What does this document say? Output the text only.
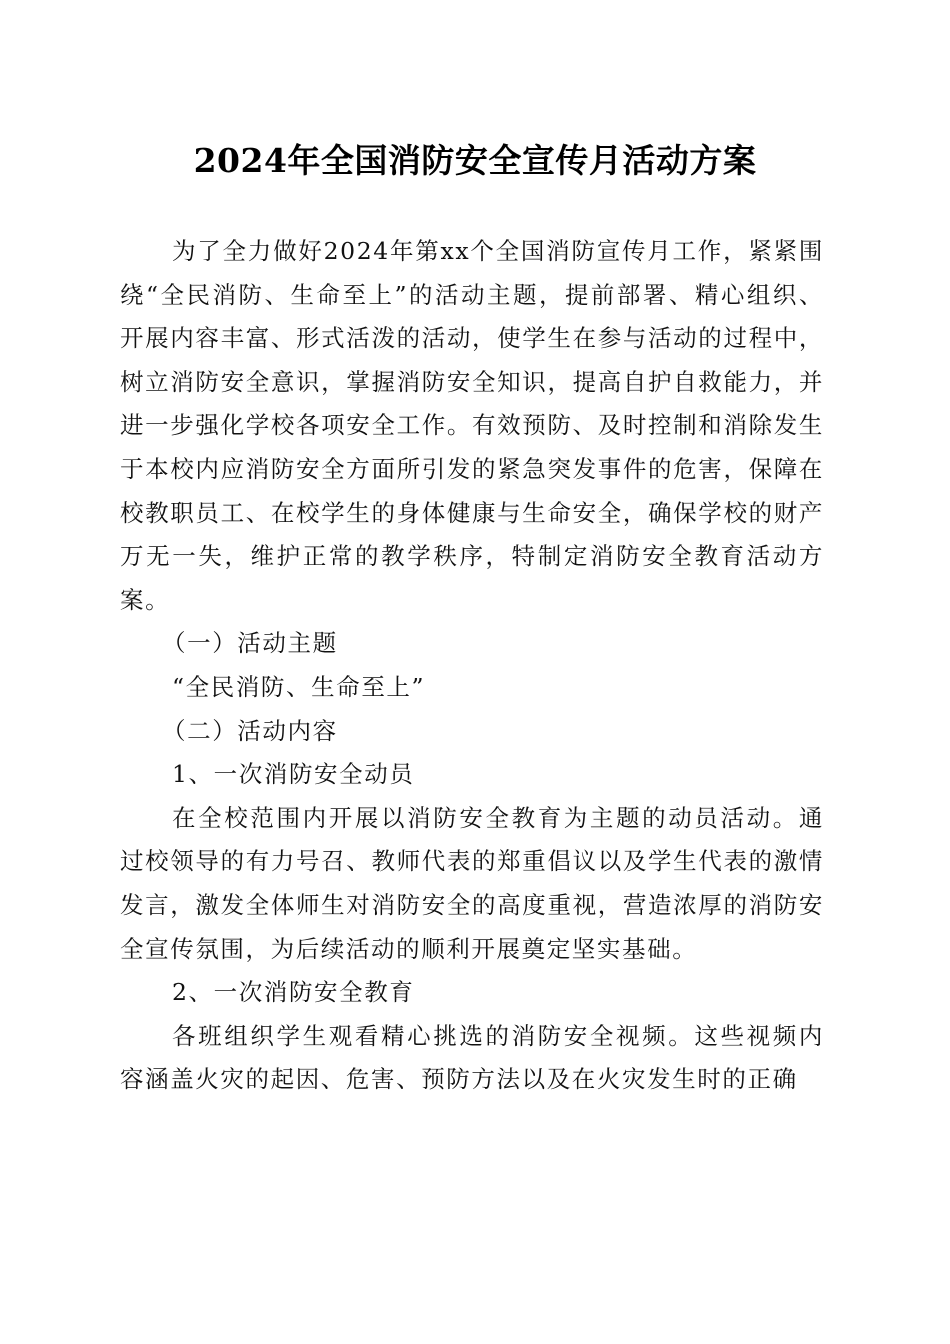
2024年全国消防安全宣传月活动方案

为了全力做好2024年第xx个全国消防宣传月工作，紧紧围绕“全民消防、生命至上”的活动主题，提前部署、精心组织、开展内容丰富、形式活泼的活动，使学生在参与活动的过程中，树立消防安全意识，掌握消防安全知识，提高自护自救能力，并进一步强化学校各项安全工作。有效预防、及时控制和消除发生于本校内应消防安全方面所引发的紧急突发事件的危害，保障在校教职员工、在校学生的身体健康与生命安全，确保学校的财产万无一失，维护正常的教学秩序，特制定消防安全教育活动方案。

（一）活动主题

“全民消防、生命至上”

（二）活动内容

1、一次消防安全动员

在全校范围内开展以消防安全教育为主题的动员活动。通过校领导的有力号召、教师代表的郑重倡议以及学生代表的激情发言，激发全体师生对消防安全的高度重视，营造浓厚的消防安全宣传氛围，为后续活动的顺利开展奠定坚实基础。

2、一次消防安全教育

各班组织学生观看精心挑选的消防安全视频。这些视频内容涵盖火灾的起因、危害、预防方法以及在火灾发生时的正确
